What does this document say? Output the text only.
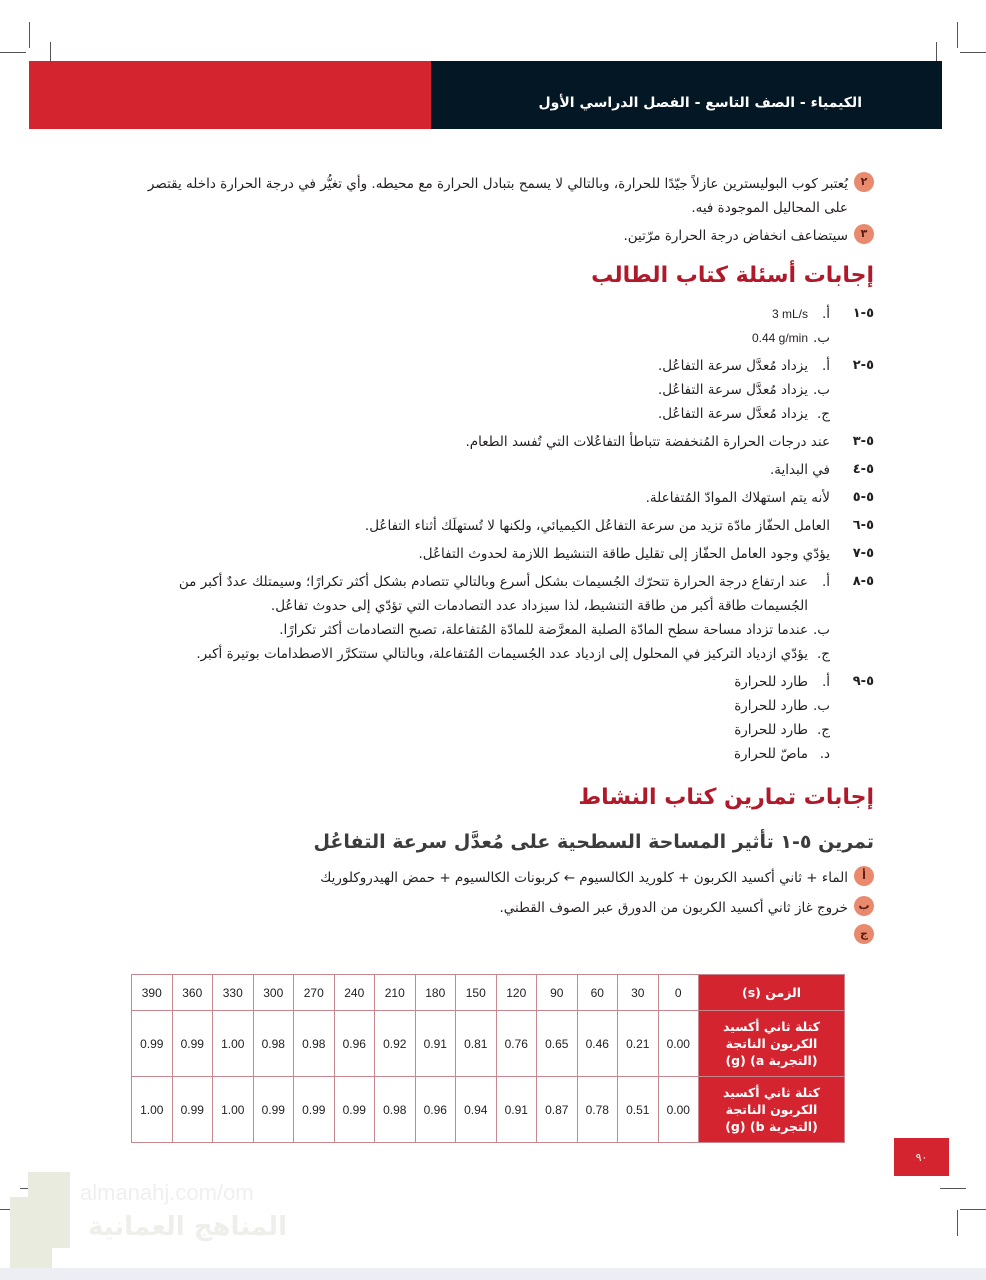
الكيمياء - الصف التاسع - الفصل الدراسي الأول
٢
يُعتبر كوب البوليسترين عازلاً جيّدًا للحرارة، وبالتالي لا يسمح بتبادل الحرارة مع محيطه. وأي تغيُّر في درجة الحرارة داخله يقتصر على المحاليل الموجودة فيه.
٣
سيتضاعف انخفاض درجة الحرارة مرّتين.
إجابات أسئلة كتاب الطالب
٥-١
أ.
3 mL/s
ب.
0.44 g/min
٥-٢
أ.
يزداد مُعدَّل سرعة التفاعُل.
ب.
يزداد مُعدَّل سرعة التفاعُل.
ج.
يزداد مُعدَّل سرعة التفاعُل.
٥-٣
عند درجات الحرارة المُنخفضة تتباطأ التفاعُلات التي تُفسد الطعام.
٥-٤
في البداية.
٥-٥
لأنه يتم استهلاك الموادّ المُتفاعلة.
٥-٦
العامل الحفّاز مادّة تزيد من سرعة التفاعُل الكيميائي، ولكنها لا تُستهلَك أثناء التفاعُل.
٥-٧
يؤدّي وجود العامل الحفّاز إلى تقليل طاقة التنشيط اللازمة لحدوث التفاعُل.
٥-٨
أ.
عند ارتفاع درجة الحرارة تتحرّك الجُسيمات بشكل أسرع وبالتالي تتصادم بشكل أكثر تكرارًا؛ وسيمتلك عددٌ أكبر من الجُسيمات طاقة أكبر من طاقة التنشيط، لذا سيزداد عدد التصادمات التي تؤدّي إلى حدوث تفاعُل.
ب.
عندما تزداد مساحة سطح المادّة الصلبة المعرَّضة للمادّة المُتفاعلة، تصبح التصادمات أكثر تكرارًا.
ج.
يؤدّي ازدياد التركيز في المحلول إلى ازدياد عدد الجُسيمات المُتفاعلة، وبالتالي ستتكرَّر الاصطدامات بوتيرة أكبر.
٥-٩
أ.
طارد للحرارة
ب.
طارد للحرارة
ج.
طارد للحرارة
د.
ماصّ للحرارة
إجابات تمارين كتاب النشاط
تمرين ٥-١ تأثير المساحة السطحية على مُعدَّل سرعة التفاعُل
أ
الماء + ثاني أكسيد الكربون + كلوريد الكالسيوم ← كربونات الكالسيوم + حمض الهيدروكلوريك
ب
خروج غاز ثاني أكسيد الكربون من الدورق عبر الصوف القطني.
ج
الزمن (s)	0	30	60	90	120	150	180	210	240	270	300	330	360	390
كتلة ثاني أكسيد الكربون الناتجة (التجربة a) (g)	0.00	0.21	0.46	0.65	0.76	0.81	0.91	0.92	0.96	0.98	0.98	1.00	0.99	0.99
كتلة ثاني أكسيد الكربون الناتجة (التجربة b) (g)	0.00	0.51	0.78	0.87	0.91	0.94	0.96	0.98	0.99	0.99	0.99	1.00	0.99	1.00
٩٠
almanahj.com/om
المناهج العمانية
